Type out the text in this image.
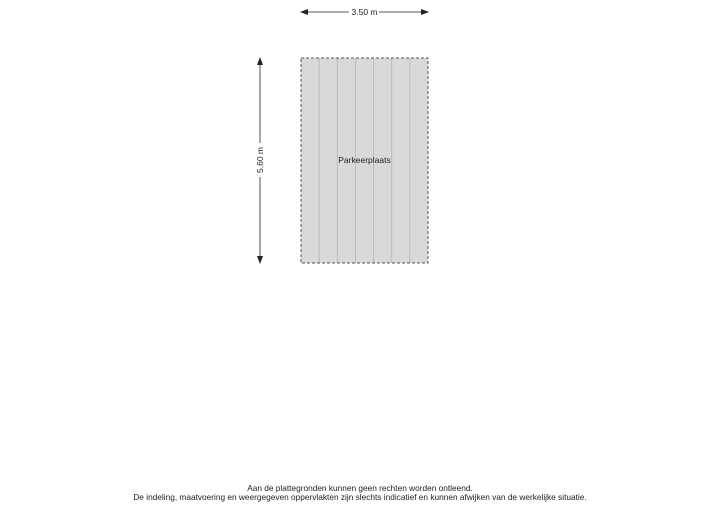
3.50 m
5.60 m	Parkeerplaats
Aan de plattegronden kunnen geen rechten worden ontleend.
De indeling, maatvoering en weergegeven oppervlakten zijn slechts indicatief en kunnen afwijken van de werkelijke situatie.
